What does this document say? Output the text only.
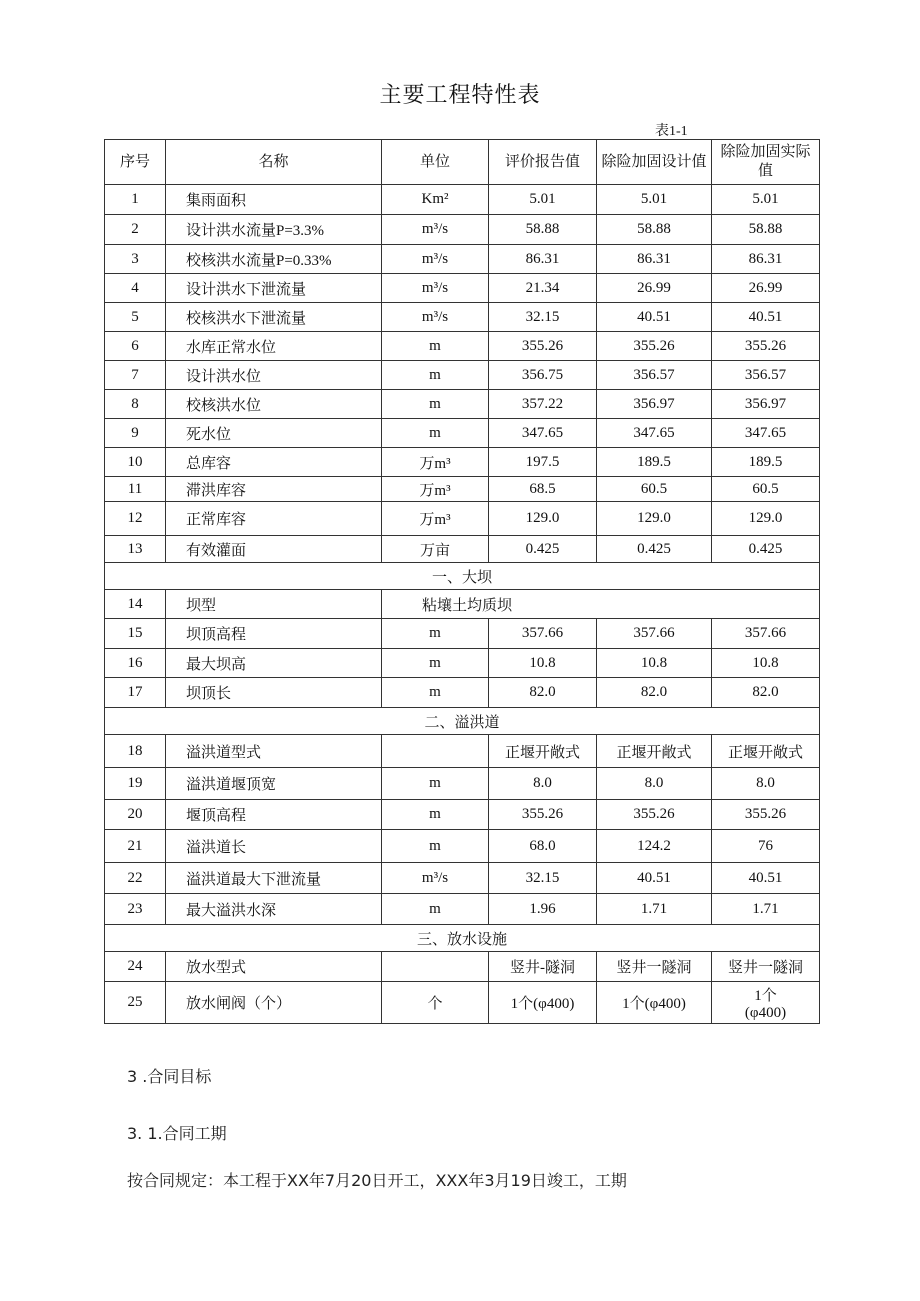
主要工程特性表
表1-1
序号	名称	单位	评价报告值	除险加固设计值	除险加固实际值
1	集雨面积	Km²	5.01	5.01	5.01
2	设计洪水流量P=3.3%	m³/s	58.88	58.88	58.88
3	校核洪水流量P=0.33%	m³/s	86.31	86.31	86.31
4	设计洪水下泄流量	m³/s	21.34	26.99	26.99
5	校核洪水下泄流量	m³/s	32.15	40.51	40.51
6	水库正常水位	m	355.26	355.26	355.26
7	设计洪水位	m	356.75	356.57	356.57
8	校核洪水位	m	357.22	356.97	356.97
9	死水位	m	347.65	347.65	347.65
10	总库容	万m³	197.5	189.5	189.5
11	滞洪库容	万m³	68.5	60.5	60.5
12	正常库容	万m³	129.0	129.0	129.0
13	有效灌面	万亩	0.425	0.425	0.425
一、大坝					
14	坝型	粘壤土均质坝			
15	坝顶高程	m	357.66	357.66	357.66
16	最大坝高	m	10.8	10.8	10.8
17	坝顶长	m	82.0	82.0	82.0
二、溢洪道					
18	溢洪道型式		正堰开敞式	正堰开敞式	正堰开敞式
19	溢洪道堰顶宽	m	8.0	8.0	8.0
20	堰顶高程	m	355.26	355.26	355.26
21	溢洪道长	m	68.0	124.2	76
22	溢洪道最大下泄流量	m³/s	32.15	40.51	40.51
23	最大溢洪水深	m	1.96	1.71	1.71
三、放水设施					
24	放水型式		竖井-隧洞	竖井一隧洞	竖井一隧洞
25	放水闸阀（个）	个	1个(φ400)	1个(φ400)	1个
(φ400)
3 .合同目标
3. 1.合同工期
按合同规定：本工程于XX年7月20日开工，XXX年3月19日竣工，工期
